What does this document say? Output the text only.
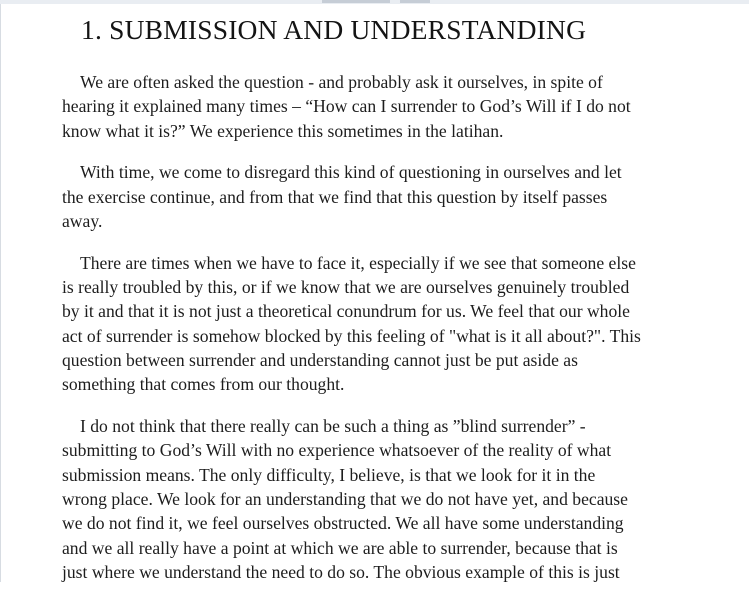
1. SUBMISSION AND UNDERSTANDING

We are often asked the question - and probably ask it ourselves, in spite of
hearing it explained many times – “How can I surrender to God’s Will if I do not
know what it is?” We experience this sometimes in the latihan.

With time, we come to disregard this kind of questioning in ourselves and let
the exercise continue, and from that we find that this question by itself passes
away.

There are times when we have to face it, especially if we see that someone else
is really troubled by this, or if we know that we are ourselves genuinely troubled
by it and that it is not just a theoretical conundrum for us. We feel that our whole
act of surrender is somehow blocked by this feeling of "what is it all about?". This
question between surrender and understanding cannot just be put aside as
something that comes from our thought.

I do not think that there really can be such a thing as ”blind surrender” -
submitting to God’s Will with no experience whatsoever of the reality of what
submission means. The only difficulty, I believe, is that we look for it in the
wrong place. We look for an understanding that we do not have yet, and because
we do not find it, we feel ourselves obstructed. We all have some understanding
and we all really have a point at which we are able to surrender, because that is
just where we understand the need to do so. The obvious example of this is just
